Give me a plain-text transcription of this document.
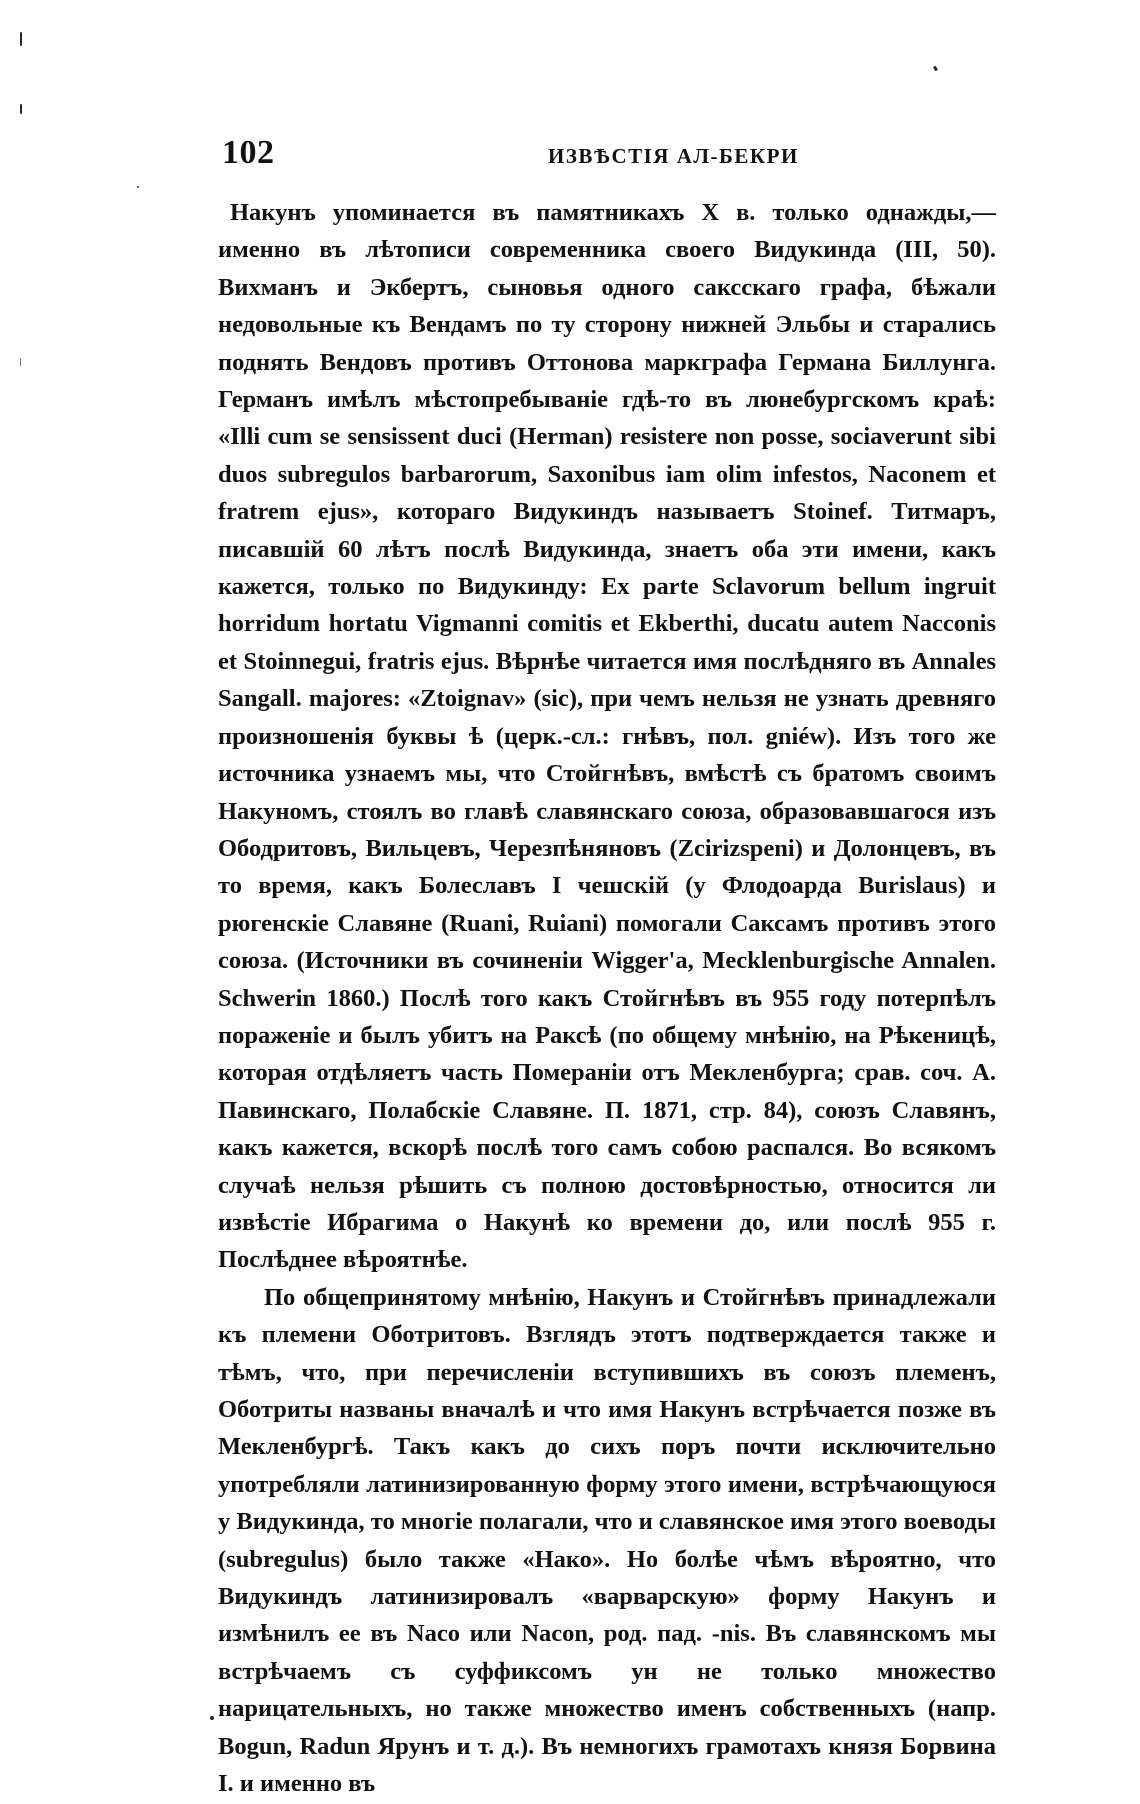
102	ИЗВѢСТІЯ АЛ-БЕКРИ

Накунъ упоминается въ памятникахъ X в. только однажды,—именно въ лѣтописи современника своего Видукинда (III, 50). Вихманъ и Экбертъ, сыновья одного саксскаго графа, бѣжали недовольные къ Вендамъ по ту сторону нижней Эльбы и старались поднять Вендовъ противъ Оттонова маркграфа Германа Биллунга. Германъ имѣлъ мѣстопребываніе гдѣ-то въ люнебургскомъ краѣ: «Illi cum se sensissent duci (Herman) resistere non posse, sociaverunt sibi duos subregulos barbarorum, Saxonibus iam olim infestos, Naconem et fratrem ejus», котораго Видукиндъ называетъ Stoinef. Титмаръ, писавшій 60 лѣтъ послѣ Видукинда, знаетъ оба эти имени, какъ кажется, только по Видукинду: Ex parte Sclavorum bellum ingruit horridum hortatu Vigmanni comitis et Ekberthi, ducatu autem Nacconis et Stoinnegui, fratris ejus. Вѣрнѣе читается имя послѣдняго въ Annales Sangall. majores: «Ztoignav» (sic), при чемъ нельзя не узнать древняго произношенія буквы ѣ (церк.-сл.: гнѣвъ, пол. gniéw). Изъ того же источника узнаемъ мы, что Стойгнѣвъ, вмѣстѣ съ братомъ своимъ Накуномъ, стоялъ во главѣ славянскаго союза, образовавшагося изъ Ободритовъ, Вильцевъ, Черезпѣняновъ (Zcirizspeni) и Долонцевъ, въ то время, какъ Болеславъ I чешскій (у Флодоарда Burislaus) и рюгенскіе Славяне (Ruani, Ruiani) помогали Саксамъ противъ этого союза. (Источники въ сочиненіи Wigger'a, Mecklenburgische Annalen. Schwerin 1860.) Послѣ того какъ Стойгнѣвъ въ 955 году потерпѣлъ пораженіе и былъ убитъ на Раксѣ (по общему мнѣнію, на Рѣкеницѣ, которая отдѣляетъ часть Помераніи отъ Мекленбурга; срав. соч. А. Павинскаго, Полабскіе Славяне. П. 1871, стр. 84), союзъ Славянъ, какъ кажется, вскорѣ послѣ того самъ собою распался. Во всякомъ случаѣ нельзя рѣшить съ полною достовѣрностью, относится ли извѣстіе Ибрагима о Накунѣ ко времени до, или послѣ 955 г. Послѣднее вѣроятнѣе.

По общепринятому мнѣнію, Накунъ и Стойгнѣвъ принадлежали къ племени Оботритовъ. Взглядъ этотъ подтверждается также и тѣмъ, что, при перечисленіи вступившихъ въ союзъ племенъ, Оботриты названы вначалѣ и что имя Накунъ встрѣчается позже въ Мекленбургѣ. Такъ какъ до сихъ поръ почти исключительно употребляли латинизированную форму этого имени, встрѣчающуюся у Видукинда, то многіе полагали, что и славянское имя этого воеводы (subregulus) было также «Нако». Но болѣе чѣмъ вѣроятно, что Видукиндъ латинизировалъ «варварскую» форму Накунъ и измѣнилъ ее въ Naco или Nacon, род. пад. -nis. Въ славянскомъ мы встрѣчаемъ съ суффиксомъ ун не только множество нарицательныхъ, но также множество именъ собственныхъ (напр. Bogun, Radun Ярунъ и т. д.). Въ немногихъ грамотахъ князя Борвина I. и именно въ
